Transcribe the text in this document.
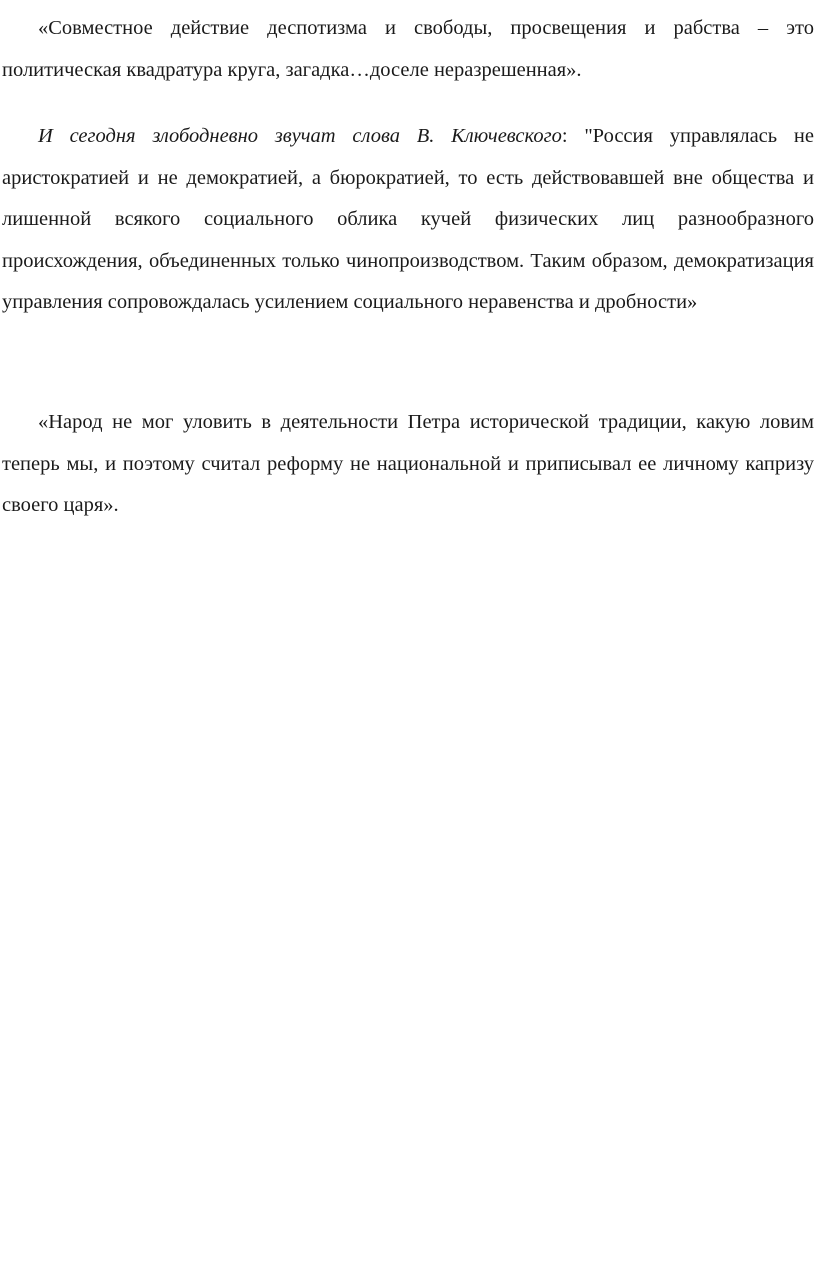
«Совместное действие деспотизма и свободы, просвещения и рабства – это политическая квадратура круга, загадка…доселе неразрешенная».

И сегодня злободневно звучат слова В. Ключевского: "Россия управлялась не аристократией и не демократией, а бюрократией, то есть действовавшей вне общества и лишенной всякого социального облика кучей физических лиц разнообразного происхождения, объединенных только чинопроизводством. Таким образом, демократизация управления сопровождалась усилением социального неравенства и дробности»

«Народ не мог уловить в деятельности Петра исторической традиции, какую ловим теперь мы, и поэтому считал реформу не национальной и приписывал ее личному капризу своего царя».
